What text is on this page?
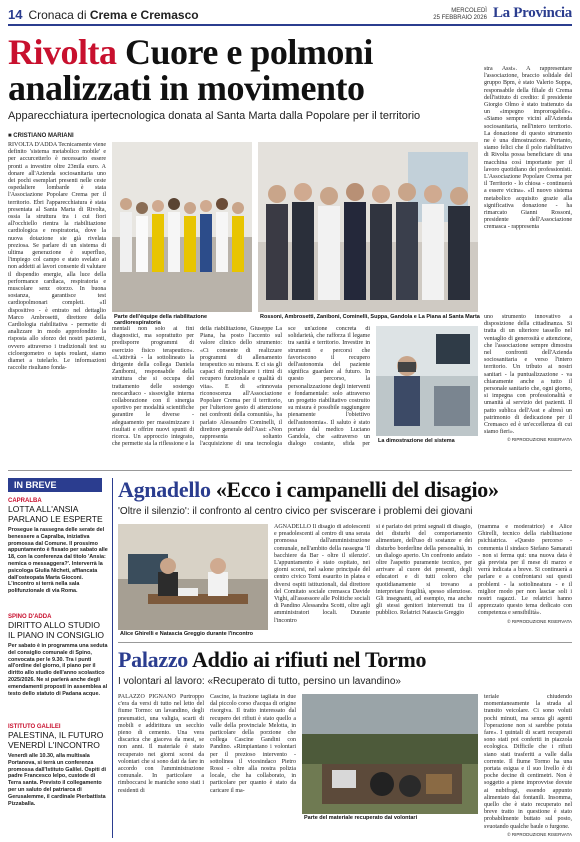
14 Cronaca di Crema e Cremasco	MERCOLEDÌ
25 FEBBRAIO 2026 La Provincia
Rivolta Cuore e polmoni analizzati in movimento
Apparecchiatura ipertecnologica donata al Santa Marta dalla Popolare per il territorio
■ CRISTIANO MARIANI
RIVOLTA D'ADDA Tecnicamente viene definito 'sistema metabolico mobile' e per accurcetterlo è necessario essere pronti a investire oltre 23mila euro. A donare all'Azienda sociosanitaria uno dei pochi esemplari presenti nelle ceste ospedaliere lombarde è stata l'Associazione Popolare Crema per il territorio. Ebri l'apparecchiatura è stata presentata al Santa Marta di Rivolta, ossia la struttura tra i cui fiori all'occhiello rientra la riabilitazione cardiologica e respiratoria, dove la nuova dotazione sie già rivelata preziosa. Se parlare di un sistema di ultima generazione è superfluo, l'impiego col campo e stato svelato ai non addetti ai lavori consente di valutare il dispendio energie, alla luce della performance cardiaca, respiratoria e muscolare senz otorzo. In buona sostanza, garantisce test cardiopolmonari completi. «Il dispositivo - è entrato nel dettaglio Marco Ambrosetti, direttore della Cardiologia riabilitativa - permette di analizzare in modo approfondito la risposta allo sforzo dei nostri pazienti, ovvero attraverso i tradizionali test su cicloergometro o tapis roulant, siamo diamet a tutelarlo. Le informazioni raccolte risultano fonda-
Parte dell'équipe della riabilitazione cardiorespiratoria
Rossoni, Ambrosetti, Zaniboni, Cominelli, Suppa, Gandola e La Piana al Santa Marta
mentali non solo ai fini diagnostici, ma soprattutto per predisporre programmi di esercizio fisico terapeutico». «L'attività - la sottolineato la dirigente della collega Daniela Zanibomi, responsabile della struttura che si occupa del trattamento delle sostengo neocardiaco - sissoviglie interna collaborazione con il sinergia sportivo per modalità scientifiche garantire le diverse - adeguamento per massimizzare i risultati e offrire nuovi spunti di ricerca. Un approccio integrato, che permette sia la riflessione e la
della riabilitazione, Giuseppe La Piana, ha posto l'accento sul valore clinico dello strumento: «Ci consente di realizzare programmi di allenamento terapeutico su misura. E ci sia gli capaci di moltiplicare i ritmi di recupero funzionale e qualità di vita». E di «rinnovata riconoscenza all'Associazione Popolare Crema per il territorio, per l'ulteriore gesto di attenzione nei confronti della comunità», ha parlato Alessandro Cominelli, il direttore generale dell'Asst: «Non rappresenta soltanto l'acquisizione di una tecnologia
sce un'azione concreta di solidarietà, che rafforza il legame tra sanità e territorio. Investire in strumenti e percorsi che favoriscono il recupero dell'autonomia del paziente significa guardare al futuro. In questo percorso, la personalizzazione degli interventi e fondamentale: solo attraverso un progetto riabilitativo costruito su misura è possibile raggiungere pienamente l'obiettivo dell'autonomia». Il saluto è stato portato dal medico Luciano Gandola, che «attraverso un dialogo costante, sfida per
La dimostrazione del sistema
stra Asst». A rappresentare l'associazione, braccio solidale del gruppo Bpm, è stato Valerio Suppa, responsabile della filiale di Crema dell'istituto di credito: il presidente Giorgio Olmo è stato trattenuto da un «impegno improrogabile». «Siamo sempre vicini all'Azienda sociosanitaria, nell'intero territorio. La donazione di questo strumento ne è una dimostrazione. Pertanto, siamo felici che il polo riabilitativo di Rivolta possa beneficiare di una macchina così importante per il lavoro quotidiano dei professionisti. L'Associazione Popolare Crema per il Territorio - lo chiosa - continuerà a essere vicina». «Il nuovo sistema metabolico acquisito grazie alla significativa donazione - ha rimarcato Gianni Rossoni, presidente dell'Associazione cremasca - rappresenta
uno strumento innovativo a disposizione della cittadinanza. Si tratta di un ulteriore tassello nel ventaglio di generosità e attenzione, che l'associazione sempre dimostra nel confronti dell'Azienda sociosanitaria e verso l'intero territorio. Un tributo ai nostri sanitari - la puntualizzazione - va chiaramente anche a tutto il personale sanitario che, ogni giorno, si impegna con professionalità e umanità al servizio dei pazienti. Il patto sublica dell'Asst e altresì un patrimonio di dedicazione per il Cremasco ed è un'eccellenza di cui siamo fieri».
© RIPRODUZIONE RISERVATA
IN BREVE
CAPRALBA
LOTTA ALL'ANSIA PARLANO LE ESPERTE
Prosegue la rassegna delle serate del benessere a Capralba, iniziativa promossa dal Comune. Il prossimo appuntamento è fissato per sabato alle 18, con la conferenza dal titolo 'Ansia: nemica o messaggera?'. Interverrà la psicologa Giulia Nicheti, affiancata dall'osteopata Marta Gioconi. L'incontro si terrà nella sala polifunzionale di via Roma.
SPINO D'ADDA
DIRITTO ALLO STUDIO IL PIANO IN CONSIGLIO
Per sabato è in programma una seduta del consiglio comunale di Spino, convocata per le 9.30. Tra i punti all'ordine del giorno, il piano per il diritto allo studio dell'anno scolastico 2025/2026. Ne si parlerà anche degli emendamenti proposti in assemblea al testo dello statuto di Padana acque.
ISTITUTO GALILEI
PALESTINA, IL FUTURO VENERDÌ L'INCONTRO
Venerdì alle 10.30, alla multisala Portanova, si terrà un conferenza promossa dall'Istituto Galilei. Ospiti di padre Francesco Ielpo, custode di Terra santa. Previsto il collegamento per un saluto del patriarca di Gerusalemme, il cardinale Pierbattista Pizzaballa.
Agnadello «Ecco i campanelli del disagio»
'Oltre il silenzio': il confronto al centro civico per sviscerare i problemi dei giovani
Alice Ghirelli e Natascia Greggio durante l'incontro
AGNADELLO Il disagio di adolescenti e preadolescenti al centro di una serata promossa dall'amministrazione comunale, nell'ambito della rassegna 'Il bacchiere da Bar - oltre il silenzio'. L'appuntamento è stato ospitato, nei giorni scorsi, nel salone principale del centro civico Tomi esaurito in platea e diversi ospiti istituzionali, dal direttore del Comitato sociale cremasca Davide Vighi, all'assessore alle Politiche sociali di Pandino Alessandra Scotti, oltre agli amministratori locali. Durante l'incontro
si è parlato dei primi segnali di disagio, dei disturbi del comportamento alimentare, dell'uso di sostanze e dei disturbo borderline della personalità, in un dialogo aperto. Un confronto andato oltre l'aspetto puramente tecnico, per arrivare al cuore dei presenti, degli educatori e di tutti coloro che quotidianamente si trovano a interpretare fragilità, spesso silenziose. Gli insegnanti, ad esempio, ma anche gli stessi genitori intervenuti tra il pubblico. Relatrici Natascia Greggio
(mamma e moderatrice) e Alice Ghirelli, tecnico della riabilitazione psichiatrica. «Questo percorso - commenta il sindaco Stefano Samarati - non si ferma qui: una nuova data è già prevista per il mese di marzo e verrà indicata a breve. Si continuerà a parlare e a confrontarsi sui questi problemi - la sottolineatura - e il miglior modo per non lasciar soli i nostri ragazzi. Le relatrici hanno apprezzato questo tema dedicato con competenza e sensibilità».
© RIPRODUZIONE RISERVATA
Palazzo Addio ai rifiuti nel Tormo
I volontari al lavoro: «Recuperato di tutto, persino un lavandino»
PALAZZO PIGNANO Purtroppo c'era da versi di tutto nel letto del fiume Tormo: un lavandino, degli pneumatici, una valigia, scarti di mobili e addirittura un secchio pieno di cemento. Una vera discarica che giaceva da mesi, se non anni. Il materiale è stato recuperato nei giorni scorsi da volontari che si sono dati da fare in accordo con l'amministrazione comunale. In particolare a rimboccarsi le maniche sono stati i residenti di
Cascine, la frazione tagliata in due dal piccolo corso d'acqua di origine risorgiva. Il tratto interessato dal recupero dei rifiuti è stato quello a valle della provinciale Melotta, in particolare della porzione che collega Cascine Gandini con Pandino. «Rimpiantano i volontari per il prezioso intervento - sottolinea il vicesindaco Pietro Rossi - oltre alla nostra polizia locale, che ha collaborato, in particolare per quanto è stato da caricare il ma-
Parte del materiale recuperato dai volontari
teriale chiudendo momentaneamente la strada al transito veicolare. Ci sono voluti pochi minuti, ma senza gli agenti l'operazione non si sarebbe potuta fare». I quintali di scarti recuperati sono stati poi conferiti in piazzola ecologica. Difficile che i rifiuti siano stati trasferiti a valle dalla corrente. Il fiume Tormo ha una portata esigua e il suo livello è di poche decine di centimetri. Non è soggetto a piene improvvise dovute ai nubifragi, essendo appunto alimentato dai fontanili. Insomma, quello che è stato recuperato nel breve tratto in questione è stato probabilmente buttato sul posto, svuotando qualche baule o furgone.
© RIPRODUZIONE RISERVATA
